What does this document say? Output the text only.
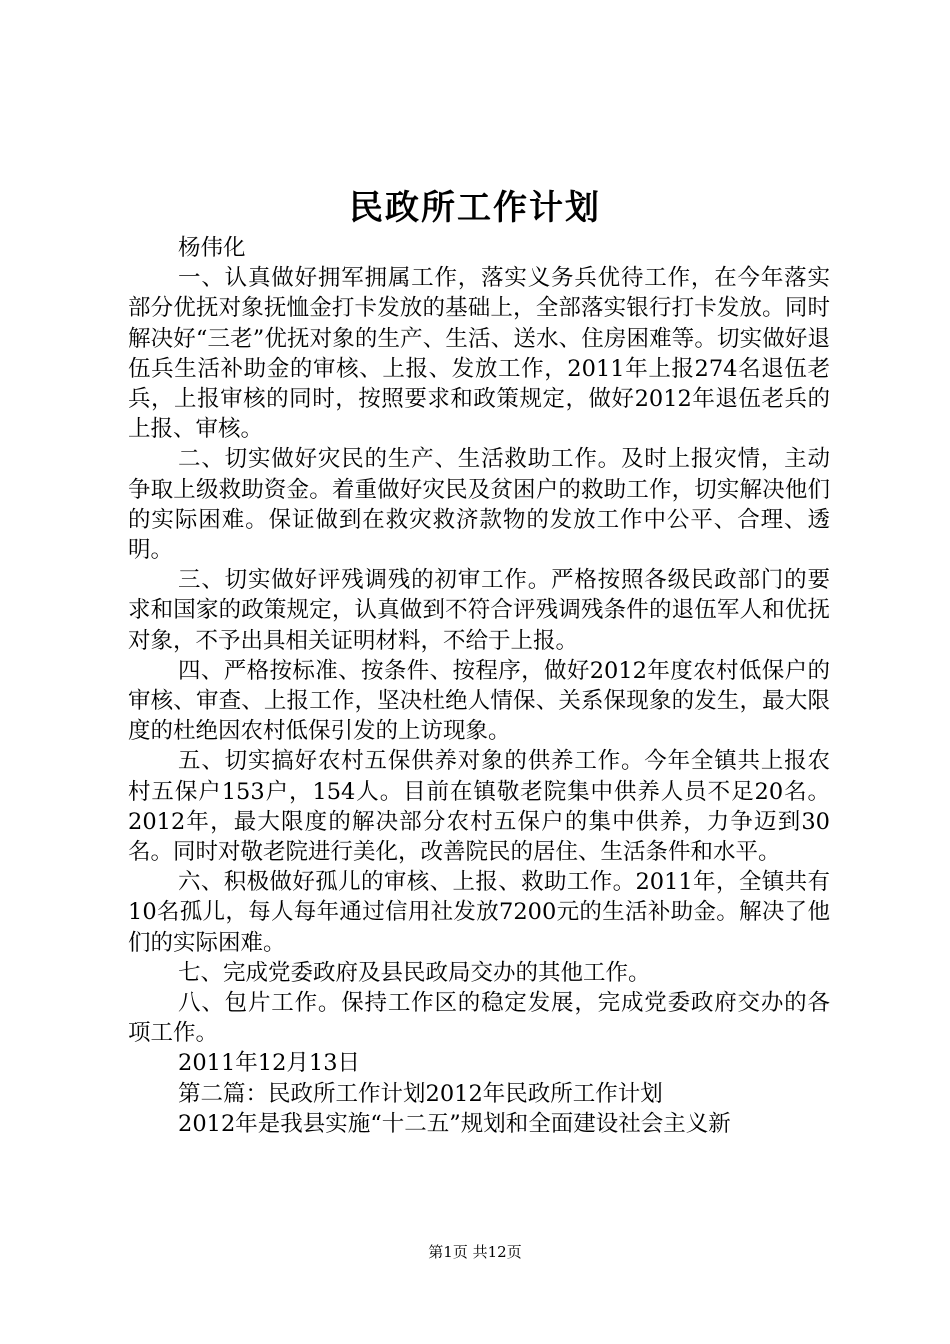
民政所工作计划

杨伟化

一、认真做好拥军拥属工作，落实义务兵优待工作，在今年落实部分优抚对象抚恤金打卡发放的基础上，全部落实银行打卡发放。同时解决好“三老”优抚对象的生产、生活、送水、住房困难等。切实做好退伍兵生活补助金的审核、上报、发放工作，2011年上报274名退伍老兵，上报审核的同时，按照要求和政策规定，做好2012年退伍老兵的上报、审核。

二、切实做好灾民的生产、生活救助工作。及时上报灾情，主动争取上级救助资金。着重做好灾民及贫困户的救助工作，切实解决他们的实际困难。保证做到在救灾救济款物的发放工作中公平、合理、透明。

三、切实做好评残调残的初审工作。严格按照各级民政部门的要求和国家的政策规定，认真做到不符合评残调残条件的退伍军人和优抚对象，不予出具相关证明材料，不给于上报。

四、严格按标准、按条件、按程序，做好2012年度农村低保户的审核、审查、上报工作，坚决杜绝人情保、关系保现象的发生，最大限度的杜绝因农村低保引发的上访现象。

五、切实搞好农村五保供养对象的供养工作。今年全镇共上报农村五保户153户，154人。目前在镇敬老院集中供养人员不足20名。2012年，最大限度的解决部分农村五保户的集中供养，力争迈到30名。同时对敬老院进行美化，改善院民的居住、生活条件和水平。

六、积极做好孤儿的审核、上报、救助工作。2011年，全镇共有10名孤儿，每人每年通过信用社发放7200元的生活补助金。解决了他们的实际困难。

七、完成党委政府及县民政局交办的其他工作。

八、包片工作。保持工作区的稳定发展，完成党委政府交办的各项工作。

2011年12月13日

第二篇：民政所工作计划2012年民政所工作计划

2012年是我县实施“十二五”规划和全面建设社会主义新

第1页 共12页
